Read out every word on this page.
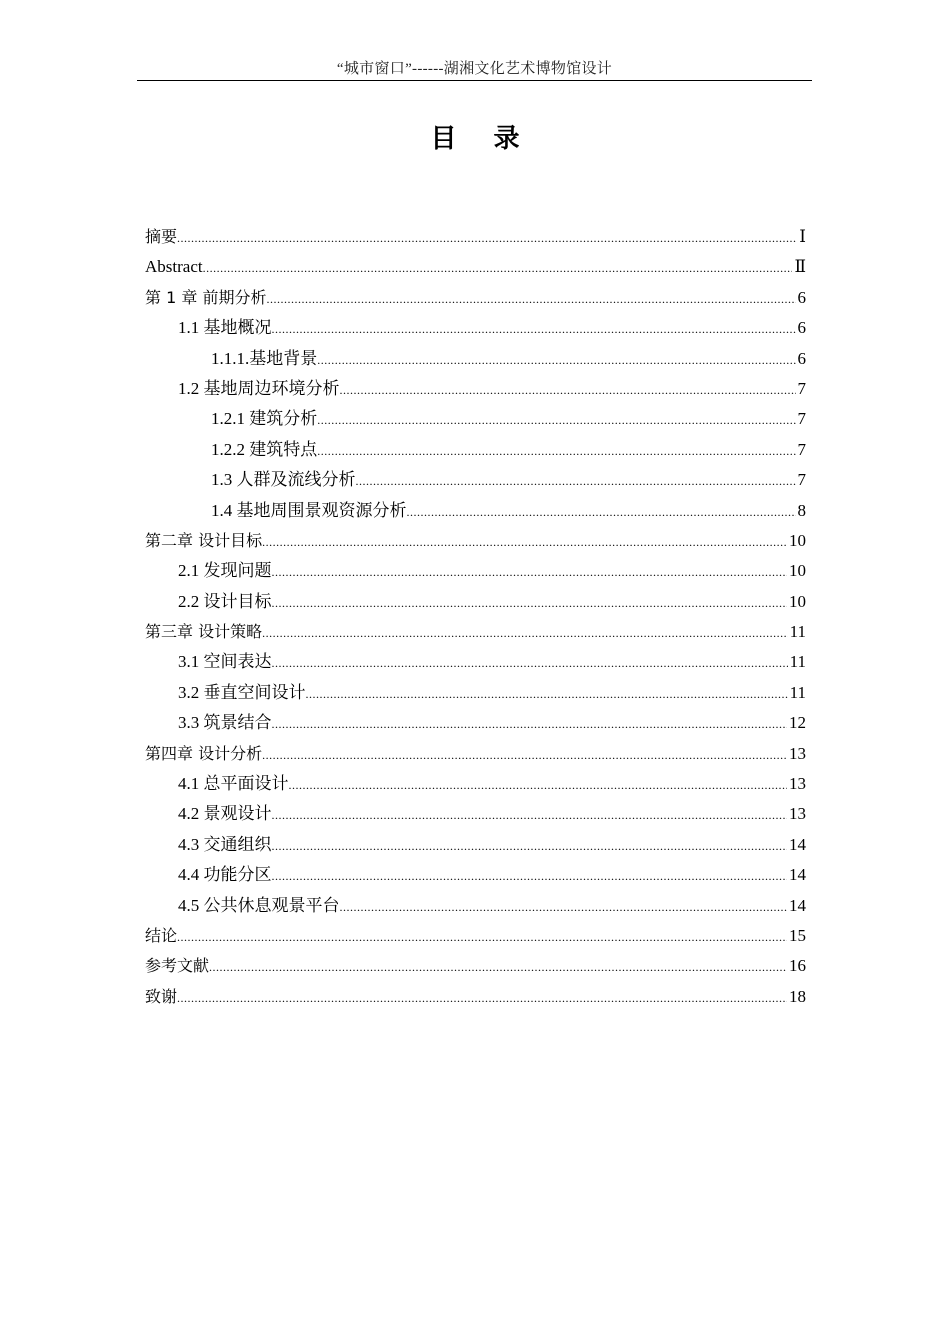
“城市窗口”------湖湘文化艺术博物馆设计
目 录
摘要 .....	Ⅰ
Abstract .....	Ⅱ
第 1 章 前期分析 .....	6
1.1 基地概况 .....	6
1.1.1.基地背景 .....	6
1.2 基地周边环境分析 .....	7
1.2.1 建筑分析 .....	7
1.2.2 建筑特点 .....	7
1.3 人群及流线分析 .....	7
1.4 基地周围景观资源分析 .....	8
第二章 设计目标 .....	10
2.1 发现问题 .....	10
2.2 设计目标 .....	10
第三章 设计策略 .....	11
3.1 空间表达 .....	11
3.2 垂直空间设计 .....	11
3.3 筑景结合 .....	12
第四章 设计分析 .....	13
4.1 总平面设计 .....	13
4.2 景观设计 .....	13
4.3 交通组织 .....	14
4.4 功能分区 .....	14
4.5 公共休息观景平台 .....	14
结论 .....	15
参考文献 .....	16
致谢 .....	18
